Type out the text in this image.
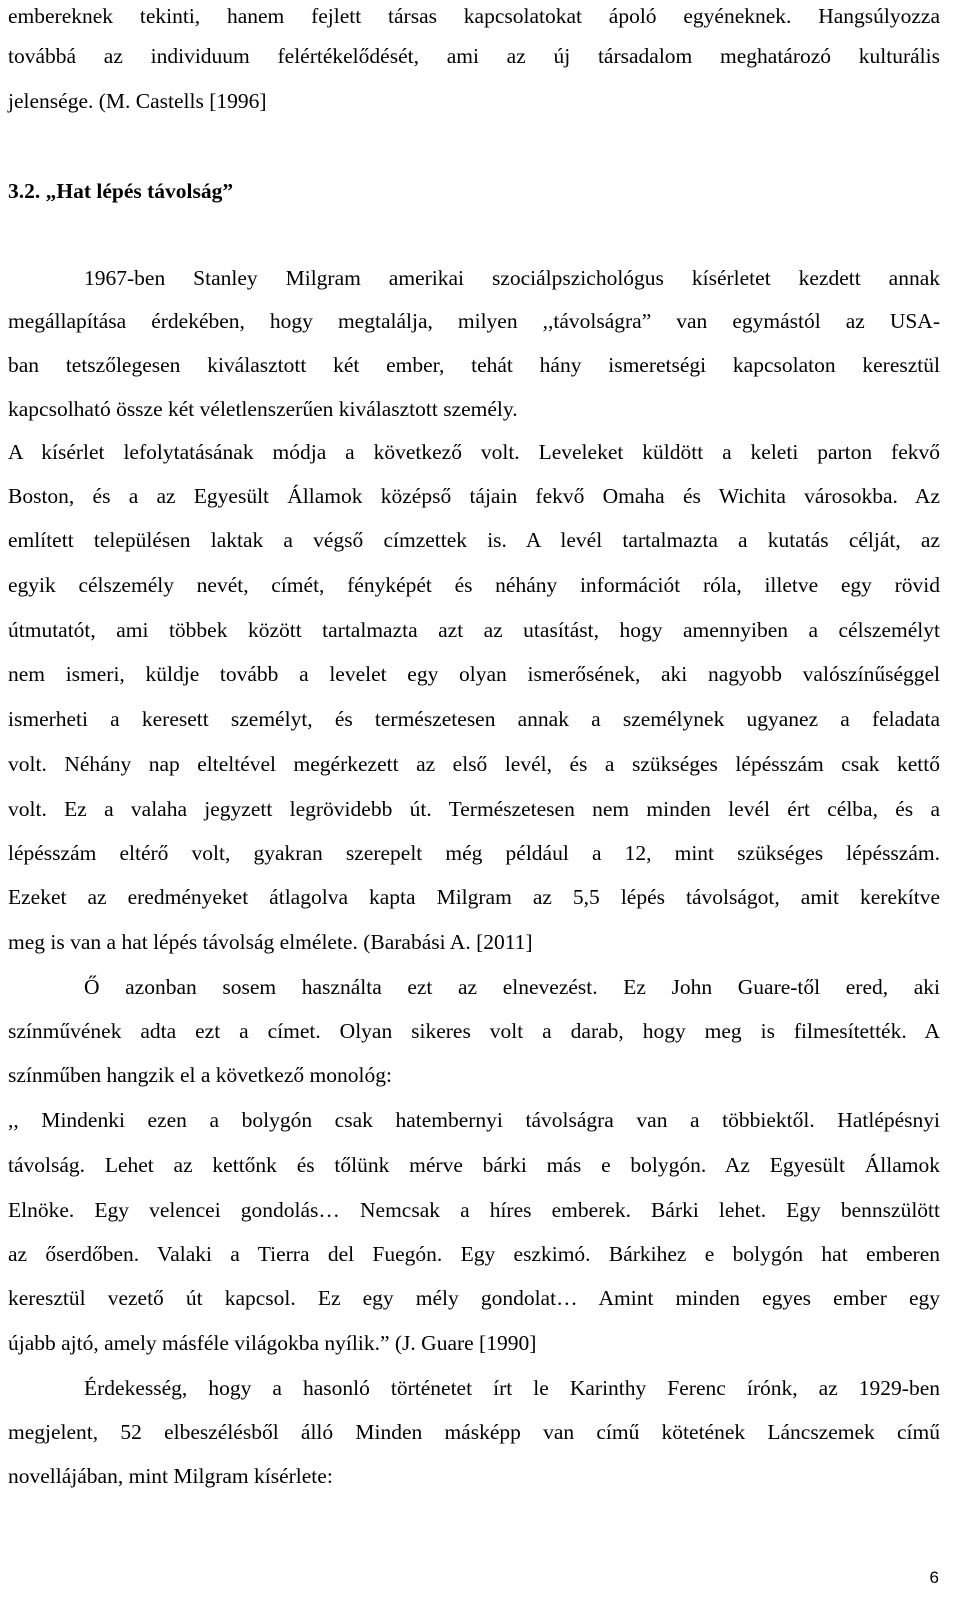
embereknek tekinti, hanem fejlett társas kapcsolatokat ápoló egyéneknek. Hangsúlyozza
továbbá az individuum felértékelődését, ami az új társadalom meghatározó kulturális
jelensége. (M. Castells [1996]
3.2. „Hat lépés távolság”
1967-ben Stanley Milgram amerikai szociálpszichológus kísérletet kezdett annak
megállapítása érdekében, hogy megtalálja, milyen ,,távolságra” van egymástól az USA-
ban tetszőlegesen kiválasztott két ember, tehát hány ismeretségi kapcsolaton keresztül
kapcsolható össze két véletlenszerűen kiválasztott személy.
A kísérlet lefolytatásának módja a következő volt. Leveleket küldött a keleti parton fekvő
Boston, és a az Egyesült Államok középső tájain fekvő Omaha és Wichita városokba. Az
említett településen laktak a végső címzettek is. A levél tartalmazta a kutatás célját, az
egyik célszemély nevét, címét, fényképét és néhány információt róla, illetve egy rövid
útmutatót, ami többek között tartalmazta azt az utasítást, hogy amennyiben a célszemélyt
nem ismeri, küldje tovább a levelet egy olyan ismerősének, aki nagyobb valószínűséggel
ismerheti a keresett személyt, és természetesen annak a személynek ugyanez a feladata
volt. Néhány nap elteltével megérkezett az első levél, és a szükséges lépésszám csak kettő
volt. Ez a valaha jegyzett legrövidebb út. Természetesen nem minden levél ért célba, és a
lépésszám eltérő volt, gyakran szerepelt még például a 12, mint szükséges lépésszám.
Ezeket az eredményeket átlagolva kapta Milgram az 5,5 lépés távolságot, amit kerekítve
meg is van a hat lépés távolság elmélete. (Barabási A. [2011]
Ő azonban sosem használta ezt az elnevezést. Ez John Guare-től ered, aki
színművének adta ezt a címet. Olyan sikeres volt a darab, hogy meg is filmesítették. A
színműben hangzik el a következő monológ:
,, Mindenki ezen a bolygón csak hatembernyi távolságra van a többiektől. Hatlépésnyi
távolság. Lehet az kettőnk és tőlünk mérve bárki más e bolygón. Az Egyesült Államok
Elnöke. Egy velencei gondolás… Nemcsak a híres emberek. Bárki lehet. Egy bennszülött
az őserdőben. Valaki a Tierra del Fuegón. Egy eszkimó. Bárkihez e bolygón hat emberen
keresztül vezető út kapcsol. Ez egy mély gondolat… Amint minden egyes ember egy
újabb ajtó, amely másféle világokba nyílik.” (J. Guare [1990]
Érdekesség, hogy a hasonló történetet írt le Karinthy Ferenc írónk, az 1929-ben
megjelent, 52 elbeszélésből álló Minden másképp van című kötetének Láncszemek című
novellájában, mint Milgram kísérlete:
6
